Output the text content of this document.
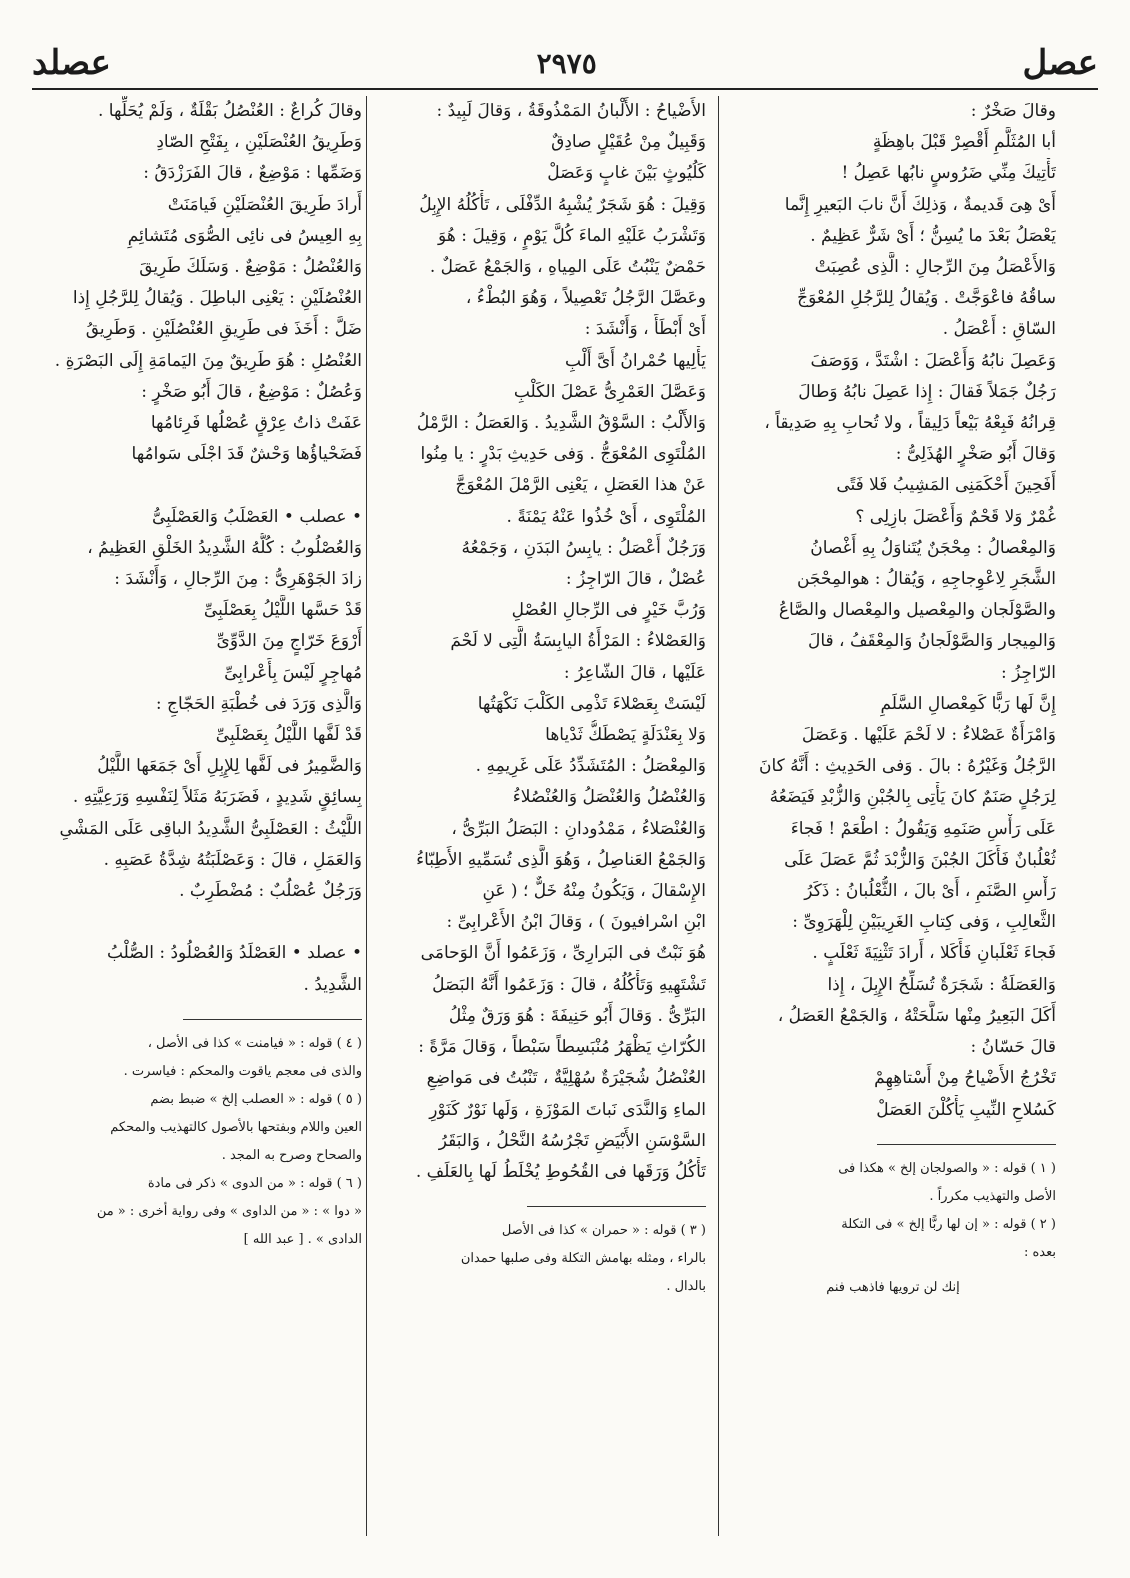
عصل
٢٩٧٥
عصلد
وقالَ صَخْرٌ :
أبا المُثَلَّمِ أَقْصِرْ قَبْلَ باهِظَةٍ
تَأْتِيكَ مِنِّي ضَرُوسٍ نابُها عَصِلُ !
أَىْ هِىَ قَديمةٌ ، وَذلِكَ أَنَّ نابَ البَعيرِ إِنَّما
يَعْصَلُ بَعْدَ ما يُسِنُّ ؛ أَىْ شَرٌّ عَظِيمٌ .
وَالأَعْصَلُ مِنَ الرِّجالِ : الَّذِى عُصِبَتْ
ساقُهُ فاعْوَجَّتْ . وَيُقالُ لِلرَّجُلِ المُعْوَجِّ
السّاقِ : أَعْصَلُ .
وَعَصِلَ نابُهُ وَأَعْصَلَ : اشْتَدَّ ، وَوَصَفَ
رَجُلٌ جَمَلاً فَقالَ : إِذا عَصِلَ نابُهُ وَطالَ
قِرانُهُ فَبِعْهُ بَيْعاً دَلِيقاً ، ولا تُحابِ بِهِ صَدِيقاً ،
وَقالَ أَبُو صَخْرٍ الهُذَلِىُّ :
أَفَحِينَ أَحْكَمَنِى المَشِيبُ فَلا فَتًى
غُمْرٌ وَلا قَحْمٌ وَأَعْصَلَ بازِلِى ؟
وَالمِعْصالُ : مِحْجَنٌ يُتَناوَلُ بِهِ أَغْصانُ
الشَّجَرِ لِاعْوِجاجِهِ ، وَيُقالُ : هوالمِحْجَن
والصَّوْلَجان والمِعْصيل والمِعْصال والصَّاعُ
وَالمِيجار وَالصَّوْلَجانُ وَالمِعْقَفُ ، قالَ
الرّاجِزُ :
إِنَّ لَها رَبًّا كَمِعْصالِ السَّلَمِ
وَامْرَأَةٌ عَصْلاءُ : لا لَحْمَ عَلَيْها . وَعَصَلَ
الرَّجُلُ وَغَيْرُهُ : بالَ . وَفى الحَدِيثِ : أَنَّهُ كانَ
لِرَجُلٍ صَنَمٌ كانَ يَأْتِى بِالجُبْنِ وَالزُّبْدِ فَيَضَعُهُ
عَلَى رَأْسِ صَنَمِهِ وَيَقُولُ : اطْعَمْ ! فَجاءَ
ثُعْلُبانٌ فَأَكَلَ الجُبْنَ وَالزُّبْدَ ثُمَّ عَصَلَ عَلَى
رَأْسِ الصَّنَمِ ، أَىْ بالَ ، الثُّعْلُبانُ : ذَكَرُ
الثَّعالِبِ ، وَفى كِتابِ الغَرِيبَيْنِ لِلْهَرَوِىِّ :
فَجاءَ ثَعْلَبانِ فَأَكَلا ، أَرادَ تَثْنِيَةَ ثَعْلَبٍ .
وَالعَصَلَةُ : شَجَرَةٌ تُسَلِّحُ الإِبِلَ ، إِذا
أَكَلَ البَعِيرُ مِنْها سَلَّحَتْهُ ، وَالجَمْعُ العَصَلُ ،
قالَ حَسّانُ :
تَخْرُجُ الأَضْياحُ مِنْ أَسْتاهِهِمْ
كَسُلاحِ النِّيبِ يَأْكُلْنَ العَصَلْ
( ١ ) قوله : « والصولجان إلخ » هكذا فى
الأصل والتهذيب مكرراً .
( ٢ ) قوله : « إن لها ربًّا إلخ » فى التكلة
بعده :
إنك لن ترويها فاذهب فنم
الأَضْياحُ : الأَلْبانُ المَمْذُوقَةُ ، وَقالَ لَبِيدٌ :
وَقَبِيلٌ مِنْ عُقَيْلٍ صادِقٌ
كَلُيُوثٍ بَيْنَ غابٍ وَعَصَلْ
وَقِيلَ : هُوَ شَجَرٌ يُشْبِهُ الدِّفْلَى ، تَأْكُلُهُ الإِبِلُ
وَتَشْرَبُ عَلَيْهِ الماءَ كُلَّ يَوْمٍ ، وَقِيلَ : هُوَ
حَمْضٌ يَنْبُتُ عَلَى المِياهِ ، وَالجَمْعُ عَصَلٌ .
وعَصَّلَ الرَّجُلُ تَعْصِيلاً ، وَهُوَ البُطْءُ ،
أَىْ أَبْطَأَ ، وَأَنْشَدَ :
يَأْلِيها حُمْرانُ أَىَّ أَلْبِ
وَعَصَّلَ العَمْرِىُّ عَصْلَ الكَلْبِ
وَالأَلْبُ : السَّوْقُ الشَّدِيدُ . وَالعَصَلُ : الرَّمْلُ
المُلْتَوِى المُعْوَجُّ . وَفى حَدِيثِ بَدْرٍ : يا مِنُوا
عَنْ هذا العَصَلِ ، يَعْنِى الرَّمْلَ المُعْوَجَّ
المُلْتَوِى ، أَىْ خُذُوا عَنْهُ يَمْنَةً .
وَرَجُلٌ أَعْصَلُ : يابِسُ البَدَنِ ، وَجَمْعُهُ
عُصْلٌ ، قالَ الرّاجِزُ :
وَرُبَّ خَيْرٍ فى الرِّجالِ العُصْلِ
وَالعَصْلاءُ : المَرْأَةُ اليابِسَةُ الَّتِى لا لَحْمَ
عَلَيْها ، قالَ الشّاعِرُ :
لَيْسَتْ بِعَصْلاءَ تَذْمِى الكَلْبَ نَكْهَتُها
وَلا بِعَنْدَلَةٍ يَصْطَكُّ ثَدْياها
وَالمِعْصَلُ : المُتَشَدِّدُ عَلَى غَرِيمِهِ .
وَالعُنْصُلُ وَالعُنْصَلُ وَالعُنْصُلاءُ
وَالعُنْصَلاءُ ، مَمْدُودانِ : البَصَلُ البَرِّىُّ ،
وَالجَمْعُ العَناصِلُ ، وَهُوَ الَّذِى تُسَمِّيهِ الأَطِبّاءُ
الإِسْقالَ ، وَيَكُونُ مِنْهُ خَلٌّ ؛ ( عَنِ
ابْنِ اسْرافيونَ ) ، وَقالَ ابْنُ الأَعْرابِىِّ :
هُوَ نَبْتٌ فى البَرارِىِّ ، وَزَعَمُوا أَنَّ الوَحامَى
تَشْتَهِيهِ وَتَأْكُلُهُ ، قالَ : وَزَعَمُوا أَنَّهُ البَصَلُ
البَرِّىُّ . وَقالَ أَبُو حَنِيفَةَ : هُوَ وَرَقٌ مِثْلُ
الكُرّاثِ يَظْهَرُ مُنْبَسِطاً سَبْطاً ، وَقالَ مَرَّةً :
العُنْصُلُ شُجَيْرَةٌ سُهْلِيَّةٌ ، تَنْبُتُ فى مَواضِعِ
الماءِ وَالنَّدَى نَباتَ المَوْزَةِ ، وَلَها نَوْرٌ كَنَوْرِ
السَّوْسَنِ الأَبْيَضِ تَجْرُسُهُ النَّحْلُ ، وَالبَقَرُ
تَأْكُلُ وَرَقَها فى القُحُوطِ يُخْلَطُ لَها بِالعَلَفِ .
( ٣ ) قوله : « حمران » كذا فى الأصل
بالراء ، ومثله بهامش التكلة وفى صلبها حمدان
بالدال .
وقالَ كُراعٌ : العُنْصُلُ بَقْلَةٌ ، وَلَمْ يُحَلِّها .
وَطَرِيقُ العُنْصَلَيْنِ ، بِفَتْحِ الصّادِ
وَضَمِّها : مَوْضِعٌ ، قالَ الفَرَزْدَقُ :
أَرادَ طَرِيقَ العُنْصَلَيْنِ فَيامَنَتْ
بِهِ العِيسُ فى نائِى الصُّوَى مُتَشائِمِ
وَالعُنْصُلُ : مَوْضِعٌ . وَسَلَكَ طَرِيقَ
العُنْصُلَيْنِ : يَعْنِى الباطِلَ . وَيُقالُ لِلرَّجُلِ إِذا
ضَلَّ : أَخَذَ فى طَرِيقِ العُنْصُلَيْنِ . وَطَرِيقُ
العُنْصُلِ : هُوَ طَرِيقٌ مِنَ اليَمامَةِ إِلَى البَصْرَةِ .
وَعُصُلٌ : مَوْضِعٌ ، قالَ أَبُو صَخْرٍ :
عَفَتْ ذاتُ عِرْقٍ عُصْلُها فَرِئامُها
فَضَحْياؤُها وَحْشٌ قَدَ اجْلَى سَوامُها

• عصلب • العَصْلَبُ وَالعَصْلَبِىُّ
وَالعُصْلُوبُ : كُلُّهُ الشَّدِيدُ الخَلْقِ العَظِيمُ ،
زادَ الجَوْهَرِىُّ : مِنَ الرِّجالِ ، وَأَنْشَدَ :
قَدْ حَسَّها اللَّيْلُ بِعَصْلَبِىِّ
أَرْوَعَ خَرّاجٍ مِنَ الدَّوِّىِّ
مُهاجِرٍ لَيْسَ بِأَعْرابِىِّ
وَالَّذِى وَرَدَ فى خُطْبَةِ الحَجّاجِ :
قَدْ لَفَّها اللَّيْلُ بِعَصْلَبِىِّ
وَالضَّمِيرُ فى لَفَّها لِلإِبِلِ أَىْ جَمَعَها اللَّيْلُ
بِسائِقٍ شَدِيدٍ ، فَضَرَبَهُ مَثَلاً لِنَفْسِهِ وَرَعِيَّتِهِ .
اللَّيْثُ : العَصْلَبِىُّ الشَّدِيدُ الباقِى عَلَى المَشْىِ
وَالعَمَلِ ، قالَ : وَعَصْلَبَتُهُ شِدَّةُ عَصَبِهِ .
وَرَجُلٌ عُصْلُبٌ : مُضْطَرِبٌ .

• عصلد • العَصْلَدُ وَالعُصْلُودُ : الصُّلْبُ
الشَّدِيدُ .
( ٤ ) قوله : « فيامنت » كذا فى الأصل ،
والذى فى معجم ياقوت والمحكم : فياسرت .
( ٥ ) قوله : « العصلب إلخ » ضبط بضم
العين واللام وبفتحها بالأصول كالتهذيب والمحكم
والصحاح وصرح به المجد .
( ٦ ) قوله : « من الدوى » ذكر فى مادة
« دوا » : « من الداوى » وفى رواية أخرى : « من
الدادى » . [ عبد الله ]
